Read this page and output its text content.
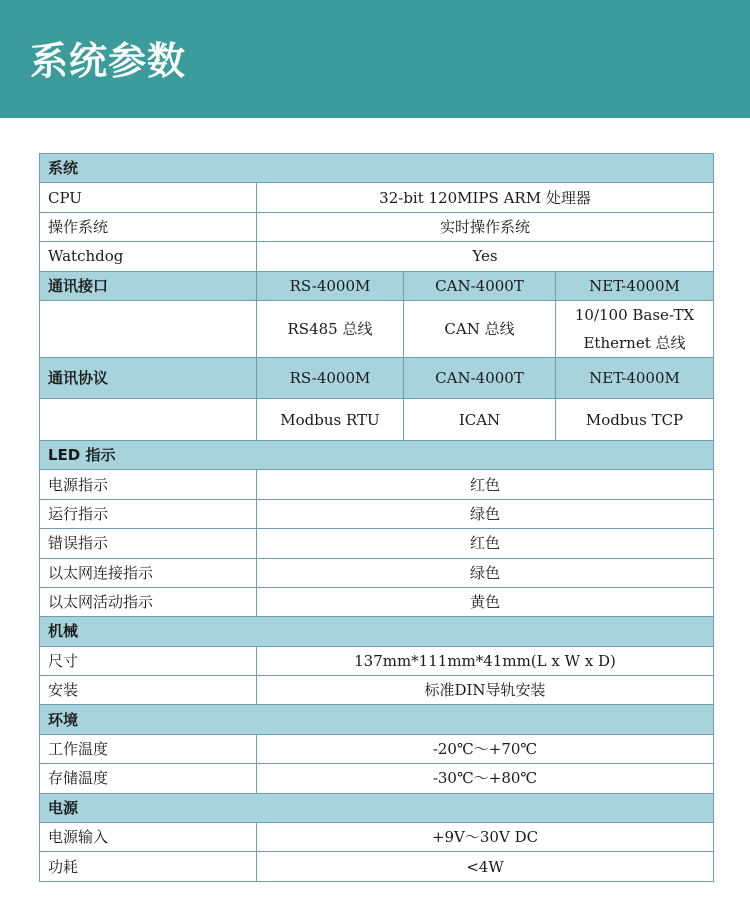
系统参数
系统			
CPU	32-bit 120MIPS ARM 处理器		
操作系统	实时操作系统		
Watchdog	Yes		
通讯接口	RS-4000M	CAN-4000T	NET-4000M
	RS485 总线	CAN 总线	10/100 Base-TX
Ethernet 总线

通讯协议	RS-4000M	CAN-4000T	NET-4000M
	Modbus RTU	ICAN	Modbus TCP
LED 指示			
电源指示	红色		
运行指示	绿色		
错误指示	红色		
以太网连接指示	绿色		
以太网活动指示	黄色		
机械			
尺寸	137mm*111mm*41mm(L x W x D)		
安装	标准DIN导轨安装		
环境			
工作温度	-20℃～+70℃		
存储温度	-30℃～+80℃		
电源			
电源输入	+9V～30V DC		
功耗	<4W		
